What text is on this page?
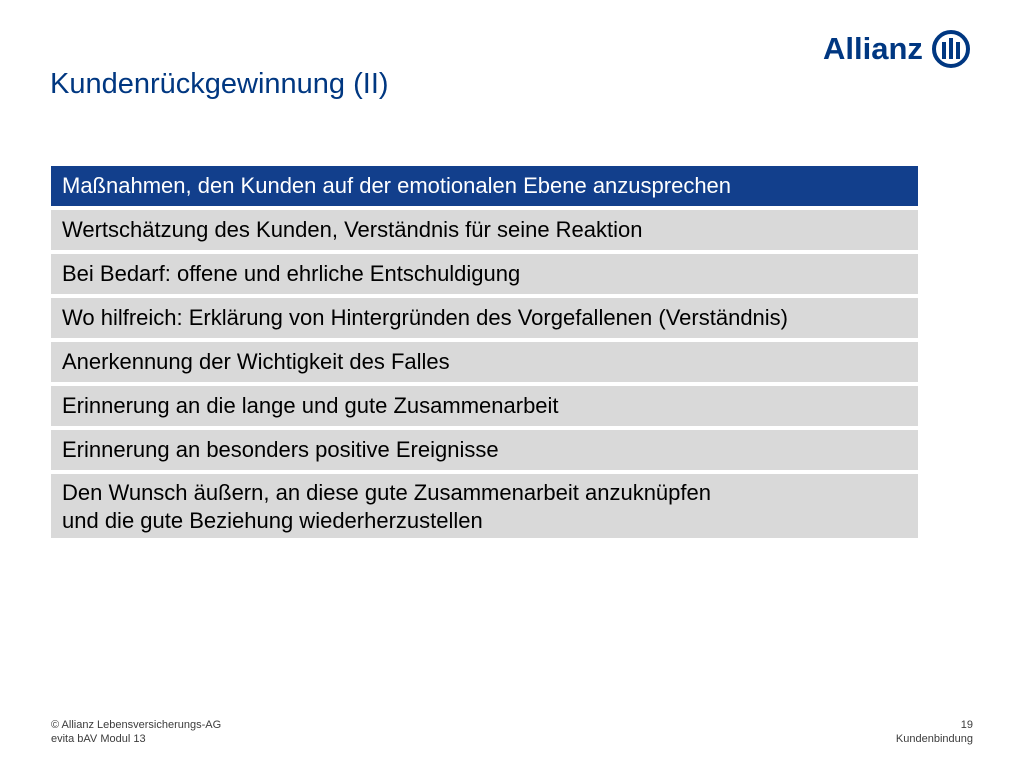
Kundenrückgewinnung (II)
Allianz
Maßnahmen, den Kunden auf der emotionalen Ebene anzusprechen
Wertschätzung des Kunden, Verständnis für seine Reaktion
Bei Bedarf: offene und ehrliche Entschuldigung
Wo hilfreich: Erklärung von Hintergründen des Vorgefallenen (Verständnis)
Anerkennung der Wichtigkeit des Falles
Erinnerung an die lange und gute Zusammenarbeit
Erinnerung an besonders positive Ereignisse
Den Wunsch äußern, an diese gute Zusammenarbeit anzuknüpfen
und die gute Beziehung wiederherzustellen
© Allianz Lebensversicherungs-AG
evita bAV Modul 13
19
Kundenbindung
